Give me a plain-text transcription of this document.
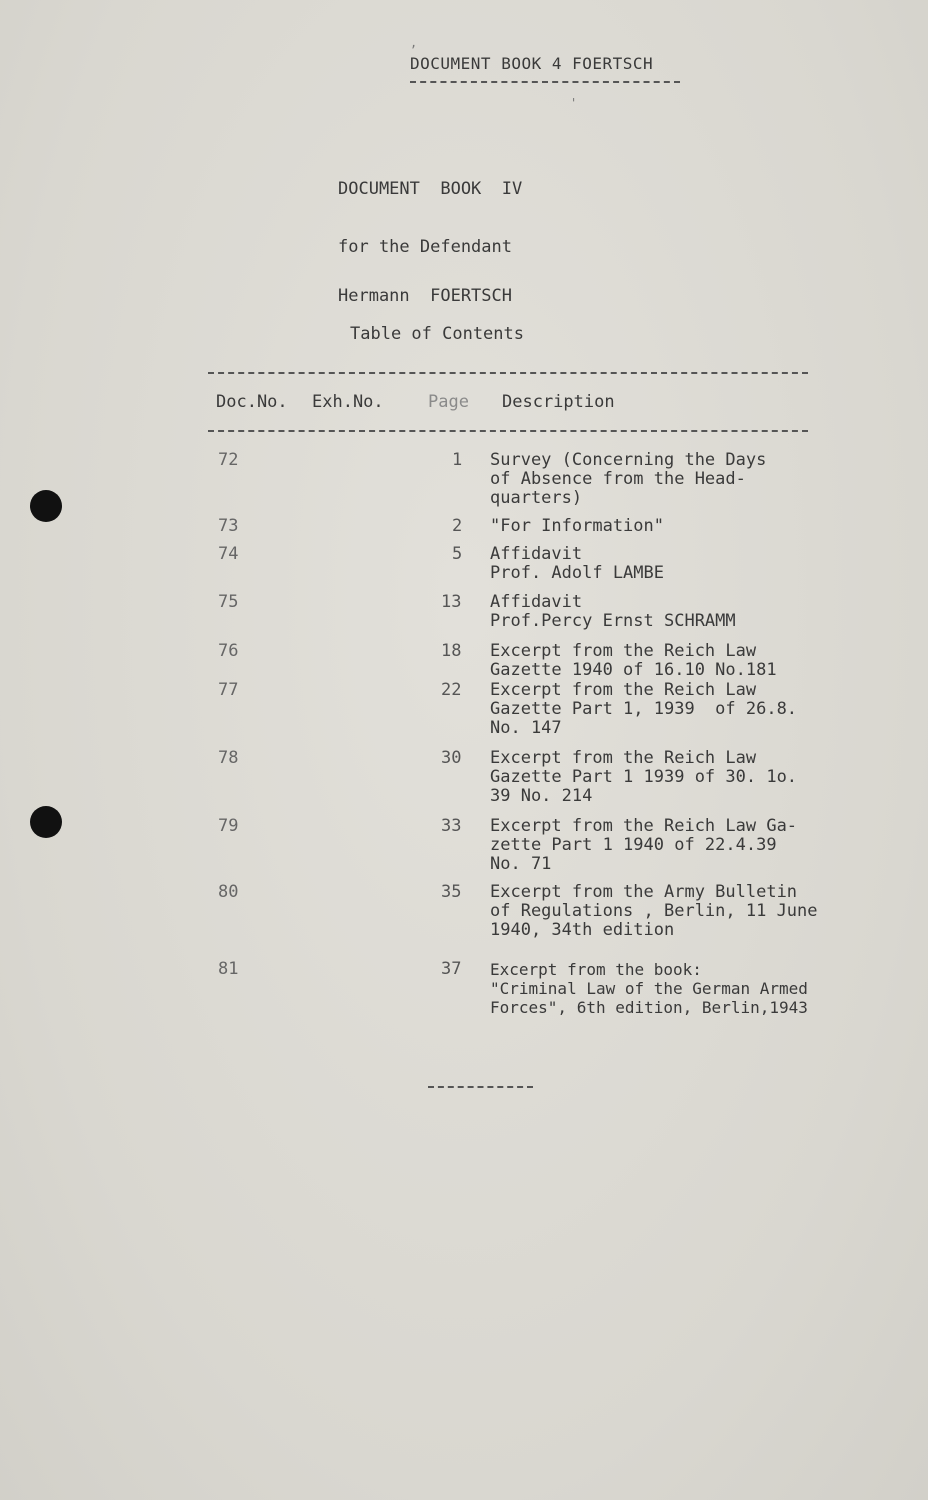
,
'
DOCUMENT BOOK 4 FOERTSCH
DOCUMENT  BOOK  IV
for the Defendant
Hermann  FOERTSCH
Table of Contents
Doc.No. Exh.No.	Page Description
72	1 Survey (Concerning the Days
of Absence from the Head-
quarters)
73	2 "For Information"
74	5 Affidavit
Prof. Adolf LAMBE
75	13 Affidavit
Prof.Percy Ernst SCHRAMM
76	18 Excerpt from the Reich Law
Gazette 1940 of 16.10 No.181
77	22 Excerpt from the Reich Law
Gazette Part 1, 1939  of 26.8.
No. 147
78	30 Excerpt from the Reich Law
Gazette Part 1 1939 of 30. 1o.
39 No. 214
79	33 Excerpt from the Reich Law Ga-
zette Part 1 1940 of 22.4.39
No. 71
80	35 Excerpt from the Army Bulletin
of Regulations , Berlin, 11 June
1940, 34th edition
81	37 Excerpt from the book:
"Criminal Law of the German Armed
Forces", 6th edition, Berlin,1943
